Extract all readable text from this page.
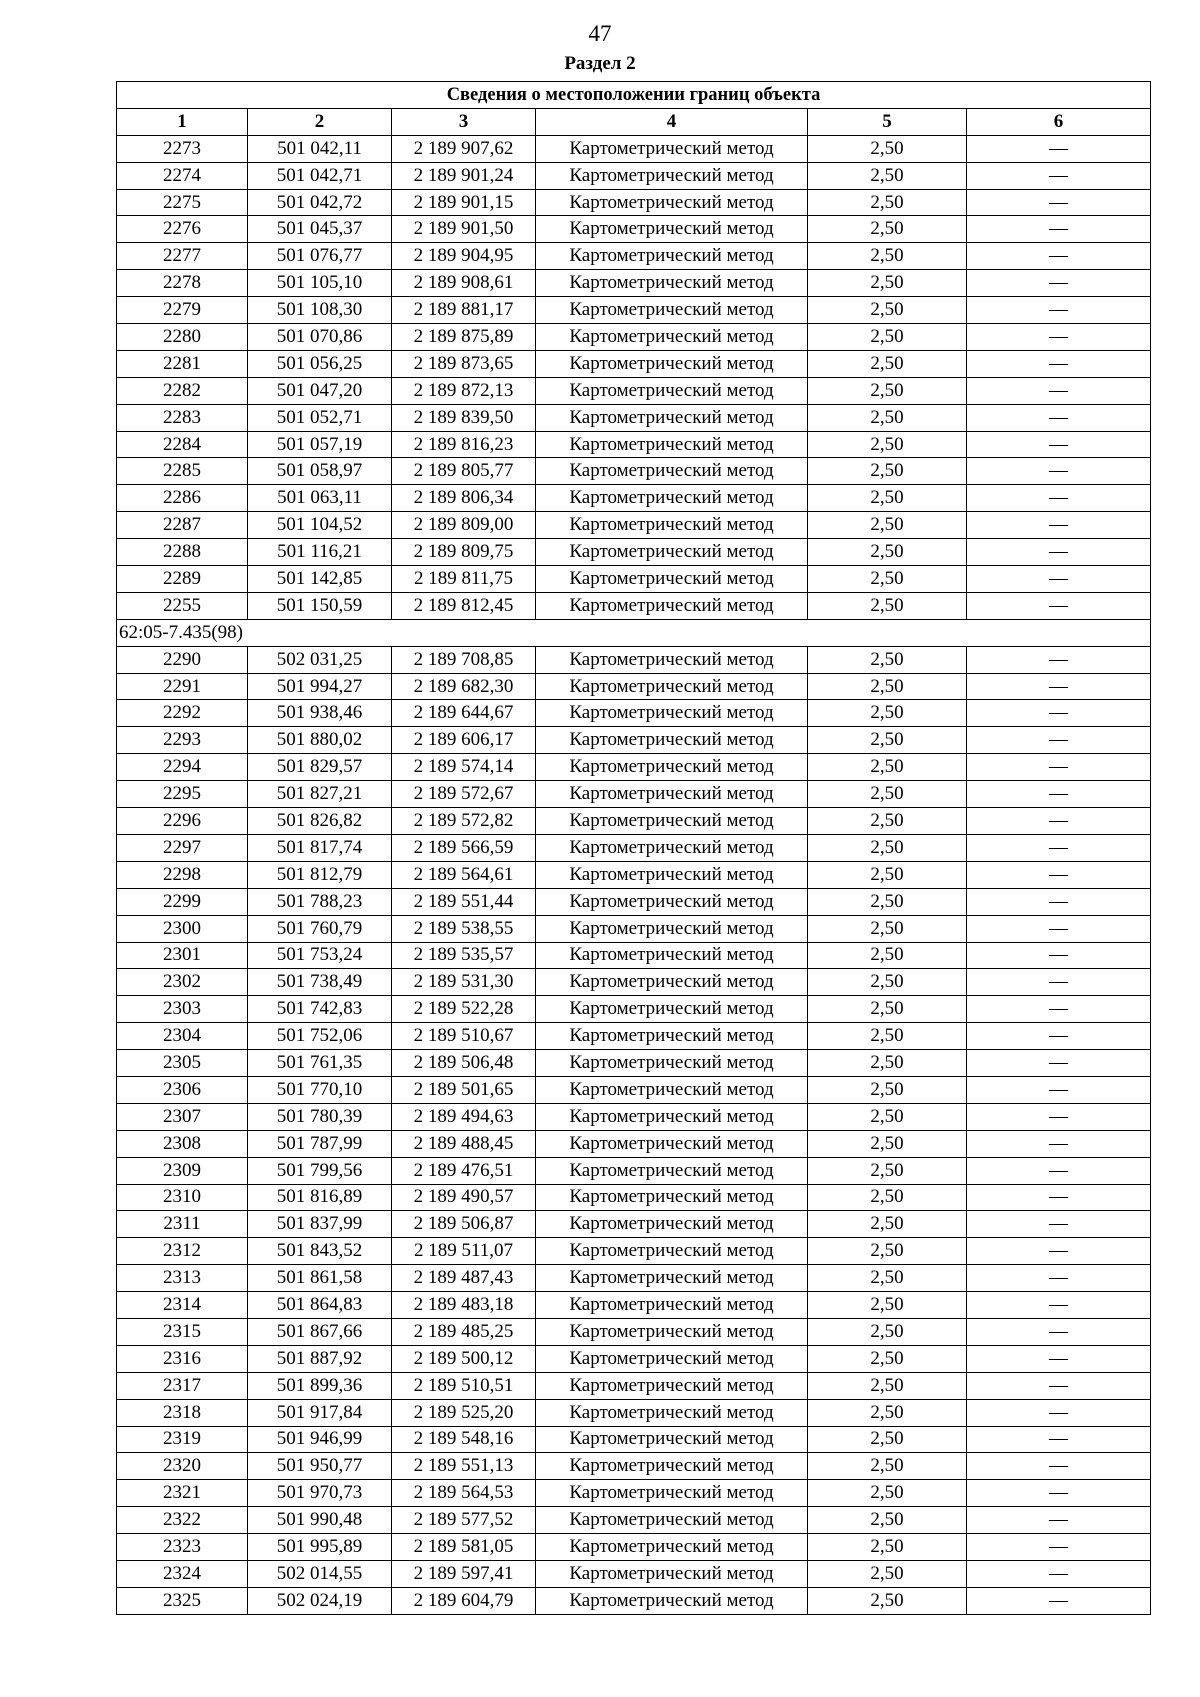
47
Раздел 2
Сведения о местоположении границ объекта					
1	2	3	4	5	6
2273	501 042,11	2 189 907,62	Картометрический метод	2,50	—
2274	501 042,71	2 189 901,24	Картометрический метод	2,50	—
2275	501 042,72	2 189 901,15	Картометрический метод	2,50	—
2276	501 045,37	2 189 901,50	Картометрический метод	2,50	—
2277	501 076,77	2 189 904,95	Картометрический метод	2,50	—
2278	501 105,10	2 189 908,61	Картометрический метод	2,50	—
2279	501 108,30	2 189 881,17	Картометрический метод	2,50	—
2280	501 070,86	2 189 875,89	Картометрический метод	2,50	—
2281	501 056,25	2 189 873,65	Картометрический метод	2,50	—
2282	501 047,20	2 189 872,13	Картометрический метод	2,50	—
2283	501 052,71	2 189 839,50	Картометрический метод	2,50	—
2284	501 057,19	2 189 816,23	Картометрический метод	2,50	—
2285	501 058,97	2 189 805,77	Картометрический метод	2,50	—
2286	501 063,11	2 189 806,34	Картометрический метод	2,50	—
2287	501 104,52	2 189 809,00	Картометрический метод	2,50	—
2288	501 116,21	2 189 809,75	Картометрический метод	2,50	—
2289	501 142,85	2 189 811,75	Картометрический метод	2,50	—
2255	501 150,59	2 189 812,45	Картометрический метод	2,50	—
62:05-7.435(98)					
2290	502 031,25	2 189 708,85	Картометрический метод	2,50	—
2291	501 994,27	2 189 682,30	Картометрический метод	2,50	—
2292	501 938,46	2 189 644,67	Картометрический метод	2,50	—
2293	501 880,02	2 189 606,17	Картометрический метод	2,50	—
2294	501 829,57	2 189 574,14	Картометрический метод	2,50	—
2295	501 827,21	2 189 572,67	Картометрический метод	2,50	—
2296	501 826,82	2 189 572,82	Картометрический метод	2,50	—
2297	501 817,74	2 189 566,59	Картометрический метод	2,50	—
2298	501 812,79	2 189 564,61	Картометрический метод	2,50	—
2299	501 788,23	2 189 551,44	Картометрический метод	2,50	—
2300	501 760,79	2 189 538,55	Картометрический метод	2,50	—
2301	501 753,24	2 189 535,57	Картометрический метод	2,50	—
2302	501 738,49	2 189 531,30	Картометрический метод	2,50	—
2303	501 742,83	2 189 522,28	Картометрический метод	2,50	—
2304	501 752,06	2 189 510,67	Картометрический метод	2,50	—
2305	501 761,35	2 189 506,48	Картометрический метод	2,50	—
2306	501 770,10	2 189 501,65	Картометрический метод	2,50	—
2307	501 780,39	2 189 494,63	Картометрический метод	2,50	—
2308	501 787,99	2 189 488,45	Картометрический метод	2,50	—
2309	501 799,56	2 189 476,51	Картометрический метод	2,50	—
2310	501 816,89	2 189 490,57	Картометрический метод	2,50	—
2311	501 837,99	2 189 506,87	Картометрический метод	2,50	—
2312	501 843,52	2 189 511,07	Картометрический метод	2,50	—
2313	501 861,58	2 189 487,43	Картометрический метод	2,50	—
2314	501 864,83	2 189 483,18	Картометрический метод	2,50	—
2315	501 867,66	2 189 485,25	Картометрический метод	2,50	—
2316	501 887,92	2 189 500,12	Картометрический метод	2,50	—
2317	501 899,36	2 189 510,51	Картометрический метод	2,50	—
2318	501 917,84	2 189 525,20	Картометрический метод	2,50	—
2319	501 946,99	2 189 548,16	Картометрический метод	2,50	—
2320	501 950,77	2 189 551,13	Картометрический метод	2,50	—
2321	501 970,73	2 189 564,53	Картометрический метод	2,50	—
2322	501 990,48	2 189 577,52	Картометрический метод	2,50	—
2323	501 995,89	2 189 581,05	Картометрический метод	2,50	—
2324	502 014,55	2 189 597,41	Картометрический метод	2,50	—
2325	502 024,19	2 189 604,79	Картометрический метод	2,50	—
